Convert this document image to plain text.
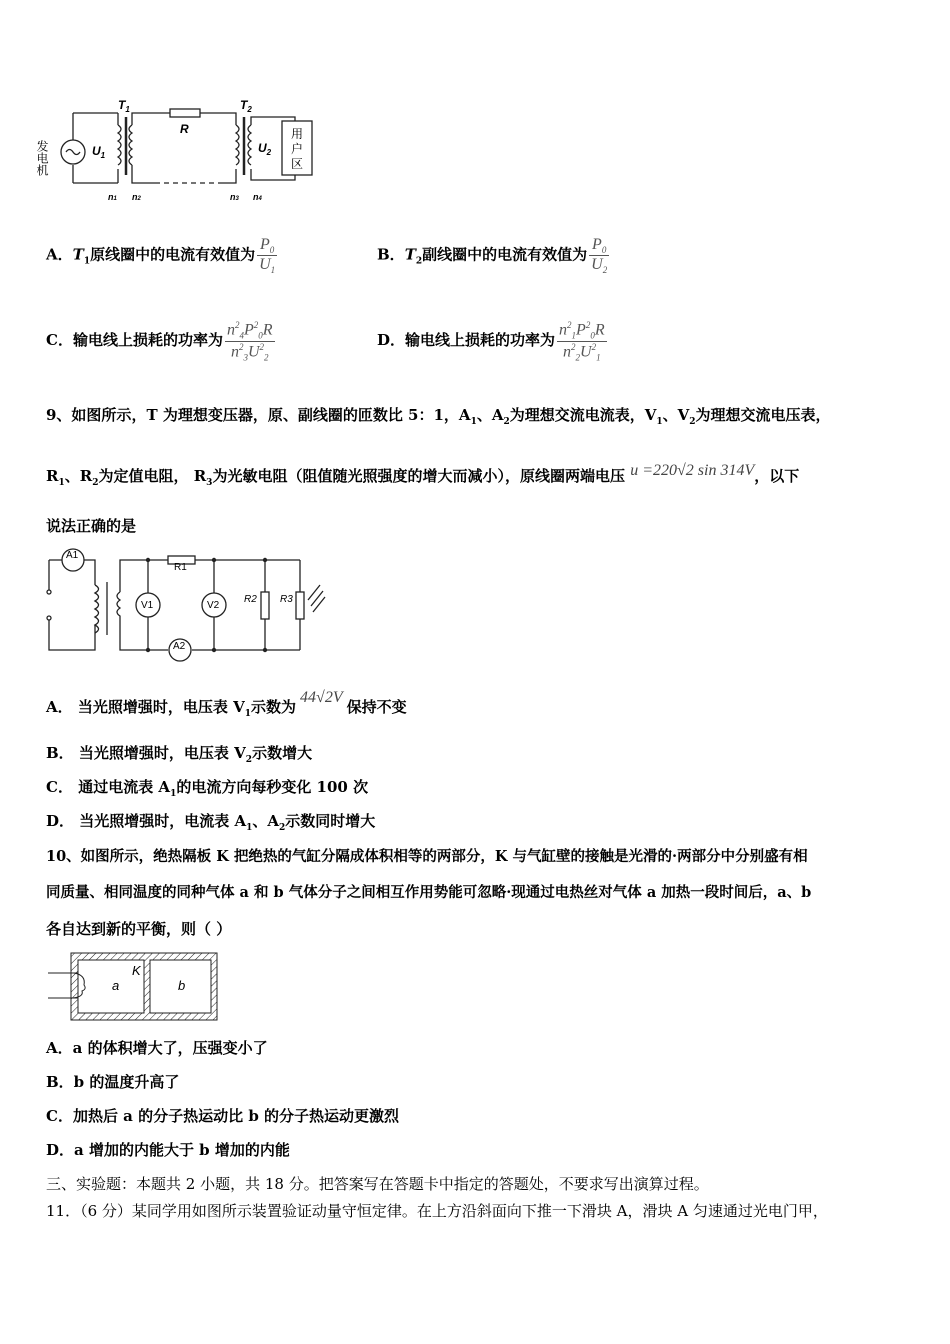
发电机	$U_1$
$T_1$	$T_2$
R
$U_2$
用
户
区
n1 n2	n3 n4
A．$T_1$原线圈中的电流有效值为 $\frac{P_0}{U_1}$	B．$T_2$副线圈中的电流有效值为 $\frac{P_0}{U_2}$
C．输电线上损耗的功率为 $\frac{n^2_4P^2_0R}{n^2_3U^2_2}$	D．输电线上损耗的功率为 $\frac{n^2_1P^2_0R}{n^2_2U^2_1}$
9、如图所示，T 为理想变压器，原、副线圈的匝数比 5：1，$A_1$、$A_2$为理想交流电流表，$V_1$、$V_2$为理想交流电压表，
$R_1$、$R_2$为定值电阻， $R_3$为光敏电阻（阻值随光照强度的增大而减小），原线圈两端电压 u =220√2 sin 314V，以下
说法正确的是
A1
A2
V1	V2
R1
R2 R3
A． 当光照增强时，电压表 $V_1$示数为44√2V保持不变
B． 当光照增强时，电压表 $V_2$示数增大
C． 通过电流表 $A_1$的电流方向每秒变化 100 次
D． 当光照增强时，电流表 $A_1$、$A_2$示数同时增大
10、如图所示，绝热隔板 K 把绝热的气缸分隔成体积相等的两部分，K 与气缸壁的接触是光滑的·两部分中分别盛有相
同质量、相同温度的同种气体 a 和 b 气体分子之间相互作用势能可忽略·现通过电热丝对气体 a 加热一段时间后，a、b
各自达到新的平衡，则（ ）
K
a	b
A．a 的体积增大了，压强变小了
B．b 的温度升高了
C．加热后 a 的分子热运动比 b 的分子热运动更激烈
D．a 增加的内能大于 b 增加的内能
三、实验题：本题共 2 小题，共 18 分。把答案写在答题卡中指定的答题处，不要求写出演算过程。
11．（6 分）某同学用如图所示装置验证动量守恒定律。在上方沿斜面向下推一下滑块 A，滑块 A 匀速通过光电门甲，
